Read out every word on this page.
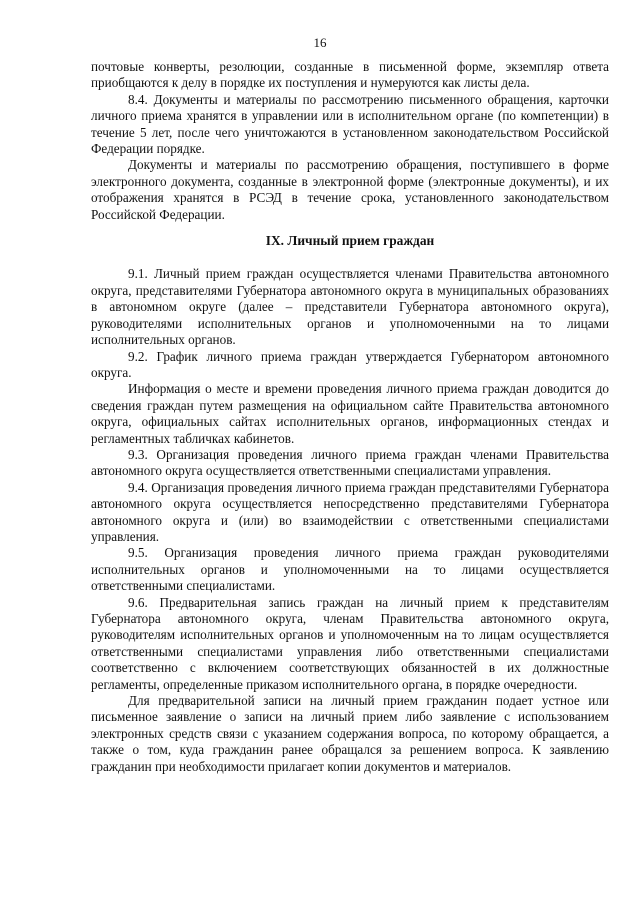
16

почтовые конверты, резолюции, созданные в письменной форме, экземпляр ответа приобщаются к делу в порядке их поступления и нумеруются как листы дела.

8.4. Документы и материалы по рассмотрению письменного обращения, карточки личного приема хранятся в управлении или в исполнительном органе (по компетенции) в течение 5 лет, после чего уничтожаются в установленном законодательством Российской Федерации порядке.

Документы и материалы по рассмотрению обращения, поступившего в форме электронного документа, созданные в электронной форме (электронные документы), и их отображения хранятся в РСЭД в течение срока, установленного законодательством Российской Федерации.

IX. Личный прием граждан

9.1. Личный прием граждан осуществляется членами Правительства автономного округа, представителями Губернатора автономного округа в муниципальных образованиях в автономном округе (далее – представители Губернатора автономного округа), руководителями исполнительных органов и уполномоченными на то лицами исполнительных органов.

9.2. График личного приема граждан утверждается Губернатором автономного округа.

Информация о месте и времени проведения личного приема граждан доводится до сведения граждан путем размещения на официальном сайте Правительства автономного округа, официальных сайтах исполнительных органов, информационных стендах и регламентных табличках кабинетов.

9.3. Организация проведения личного приема граждан членами Правительства автономного округа осуществляется ответственными специалистами управления.

9.4. Организация проведения личного приема граждан представителями Губернатора автономного округа осуществляется непосредственно представителями Губернатора автономного округа и (или) во взаимодействии с ответственными специалистами управления.

9.5. Организация проведения личного приема граждан руководителями исполнительных органов и уполномоченными на то лицами осуществляется ответственными специалистами.

9.6. Предварительная запись граждан на личный прием к представителям Губернатора автономного округа, членам Правительства автономного округа, руководителям исполнительных органов и уполномоченным на то лицам осуществляется ответственными специалистами управления либо ответственными специалистами соответственно с включением соответствующих обязанностей в их должностные регламенты, определенные приказом исполнительного органа, в порядке очередности.

Для предварительной записи на личный прием гражданин подает устное или письменное заявление о записи на личный прием либо заявление с использованием электронных средств связи с указанием содержания вопроса, по которому обращается, а также о том, куда гражданин ранее обращался за решением вопроса. К заявлению гражданин при необходимости прилагает копии документов и материалов.
